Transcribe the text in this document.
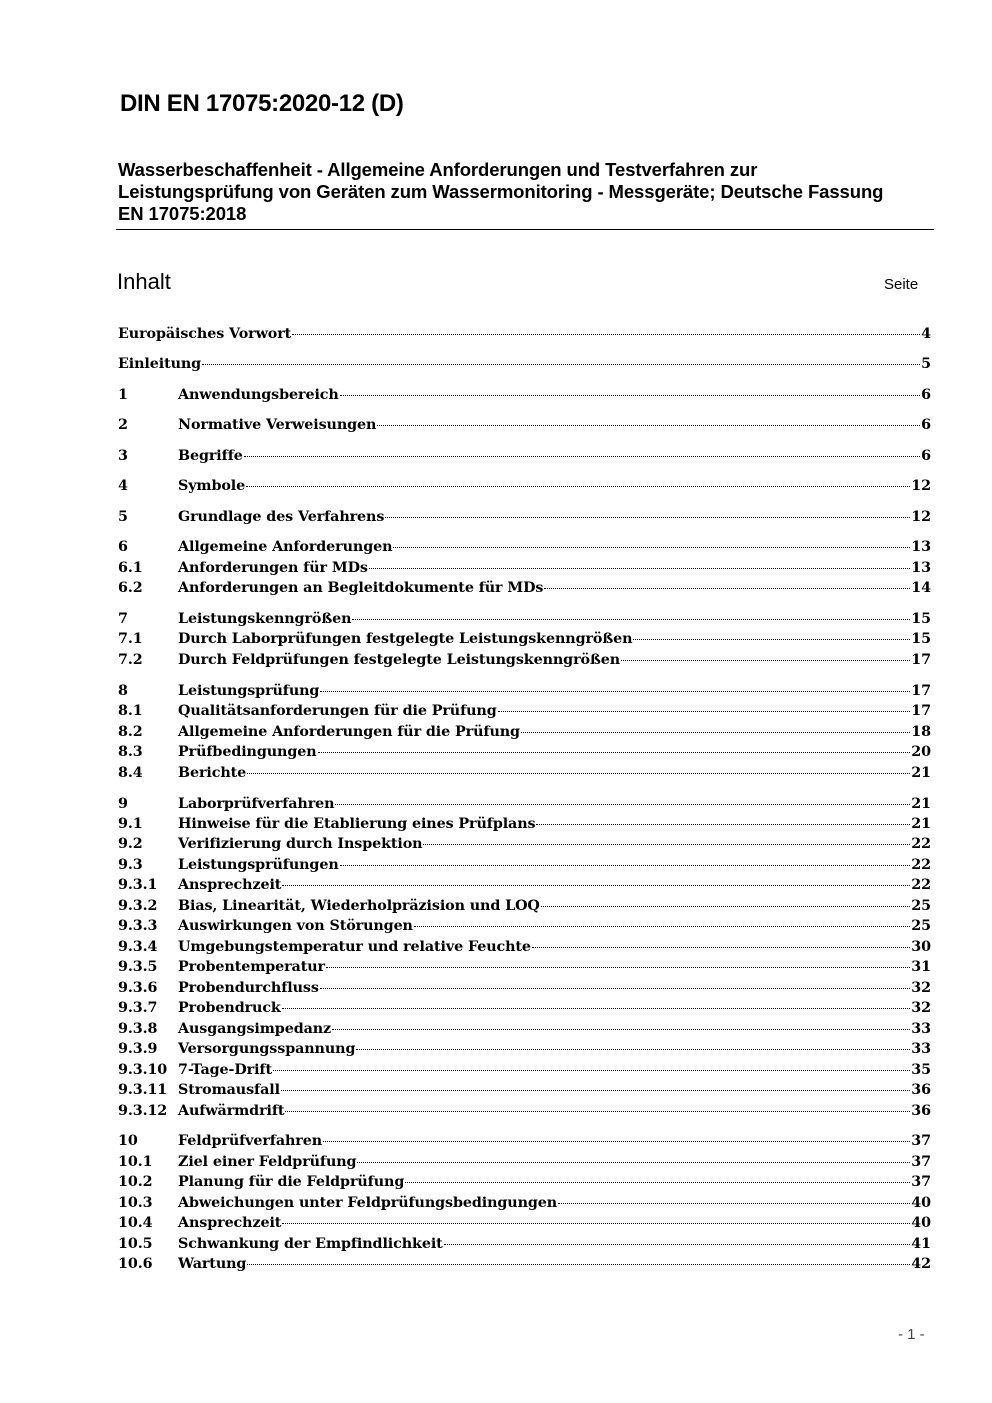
DIN EN 17075:2020-12 (D)
Wasserbeschaffenheit - Allgemeine Anforderungen und Testverfahren zur Leistungsprüfung von Geräten zum Wassermonitoring - Messgeräte; Deutsche Fassung EN 17075:2018
Inhalt	Seite
Europäisches Vorwort	4
Einleitung	5
1	Anwendungsbereich	6
2	Normative Verweisungen	6
3	Begriffe	6
4	Symbole	12
5	Grundlage des Verfahrens	12
6	Allgemeine Anforderungen	13
6.1	Anforderungen für MDs	13
6.2	Anforderungen an Begleitdokumente für MDs	14
7	Leistungskenngrößen	15
7.1	Durch Laborprüfungen festgelegte Leistungskenngrößen	15
7.2	Durch Feldprüfungen festgelegte Leistungskenngrößen	17
8	Leistungsprüfung	17
8.1	Qualitätsanforderungen für die Prüfung	17
8.2	Allgemeine Anforderungen für die Prüfung	18
8.3	Prüfbedingungen	20
8.4	Berichte	21
9	Laborprüfverfahren	21
9.1	Hinweise für die Etablierung eines Prüfplans	21
9.2	Verifizierung durch Inspektion	22
9.3	Leistungsprüfungen	22
9.3.1	Ansprechzeit	22
9.3.2	Bias, Linearität, Wiederholpräzision und LOQ	25
9.3.3	Auswirkungen von Störungen	25
9.3.4	Umgebungstemperatur und relative Feuchte	30
9.3.5	Probentemperatur	31
9.3.6	Probendurchfluss	32
9.3.7	Probendruck	32
9.3.8	Ausgangsimpedanz	33
9.3.9	Versorgungsspannung	33
9.3.10 7-Tage-Drift	35
9.3.11 Stromausfall	36
9.3.12 Aufwärmdrift	36
10	Feldprüfverfahren	37
10.1	Ziel einer Feldprüfung	37
10.2	Planung für die Feldprüfung	37
10.3	Abweichungen unter Feldprüfungsbedingungen	40
10.4	Ansprechzeit	40
10.5	Schwankung der Empfindlichkeit	41
10.6	Wartung	42
- 1 -
